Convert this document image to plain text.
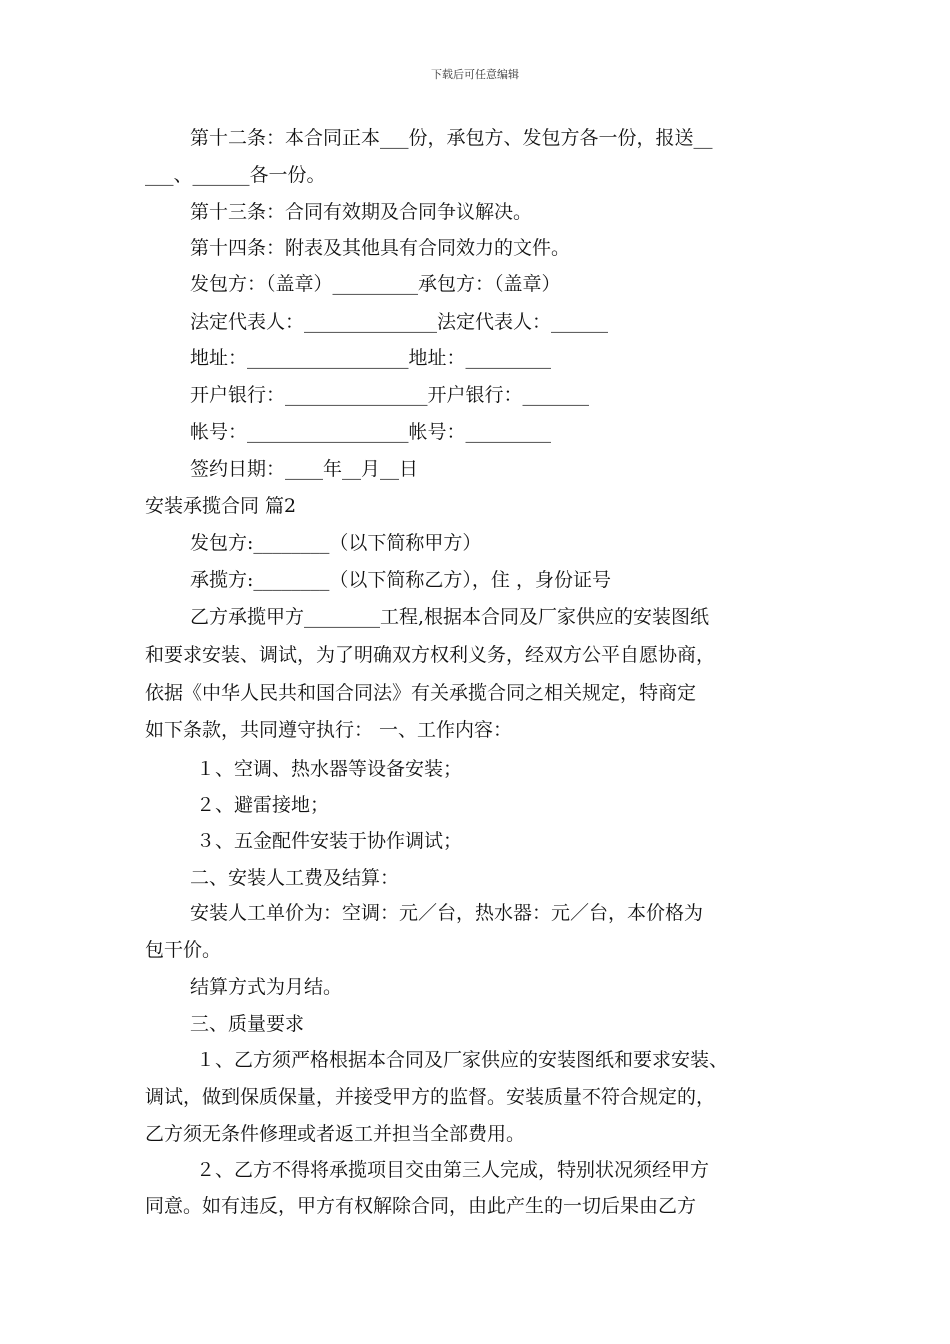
下载后可任意编辑
第十二条：本合同正本___份，承包方、发包方各一份，报送__
___、______各一份。
第十三条：合同有效期及合同争议解决。
第十四条：附表及其他具有合同效力的文件。
发包方：（盖章）_________承包方：（盖章）
法定代表人：______________法定代表人：______
地址：_________________地址：_________
开户银行：_______________开户银行：_______
帐号：_________________帐号：_________
签约日期：____年__月__日
安装承揽合同 篇2
发包方:________（以下简称甲方）
承揽方:________（以下简称乙方），住 ，身份证号
乙方承揽甲方________工程,根据本合同及厂家供应的安装图纸
和要求安装、调试，为了明确双方权利义务，经双方公平自愿协商，
依据《中华人民共和国合同法》有关承揽合同之相关规定，特商定
如下条款，共同遵守执行： 一、工作内容：
１、空调、热水器等设备安装；
２、避雷接地；
３、五金配件安装于协作调试；
二、安装人工费及结算：
安装人工单价为：空调：元／台，热水器：元／台，本价格为
包干价。
结算方式为月结。
三、质量要求
１、乙方须严格根据本合同及厂家供应的安装图纸和要求安装、
调试，做到保质保量，并接受甲方的监督。安装质量不符合规定的，
乙方须无条件修理或者返工并担当全部费用。
２、乙方不得将承揽项目交由第三人完成，特别状况须经甲方
同意。如有违反，甲方有权解除合同，由此产生的一切后果由乙方
